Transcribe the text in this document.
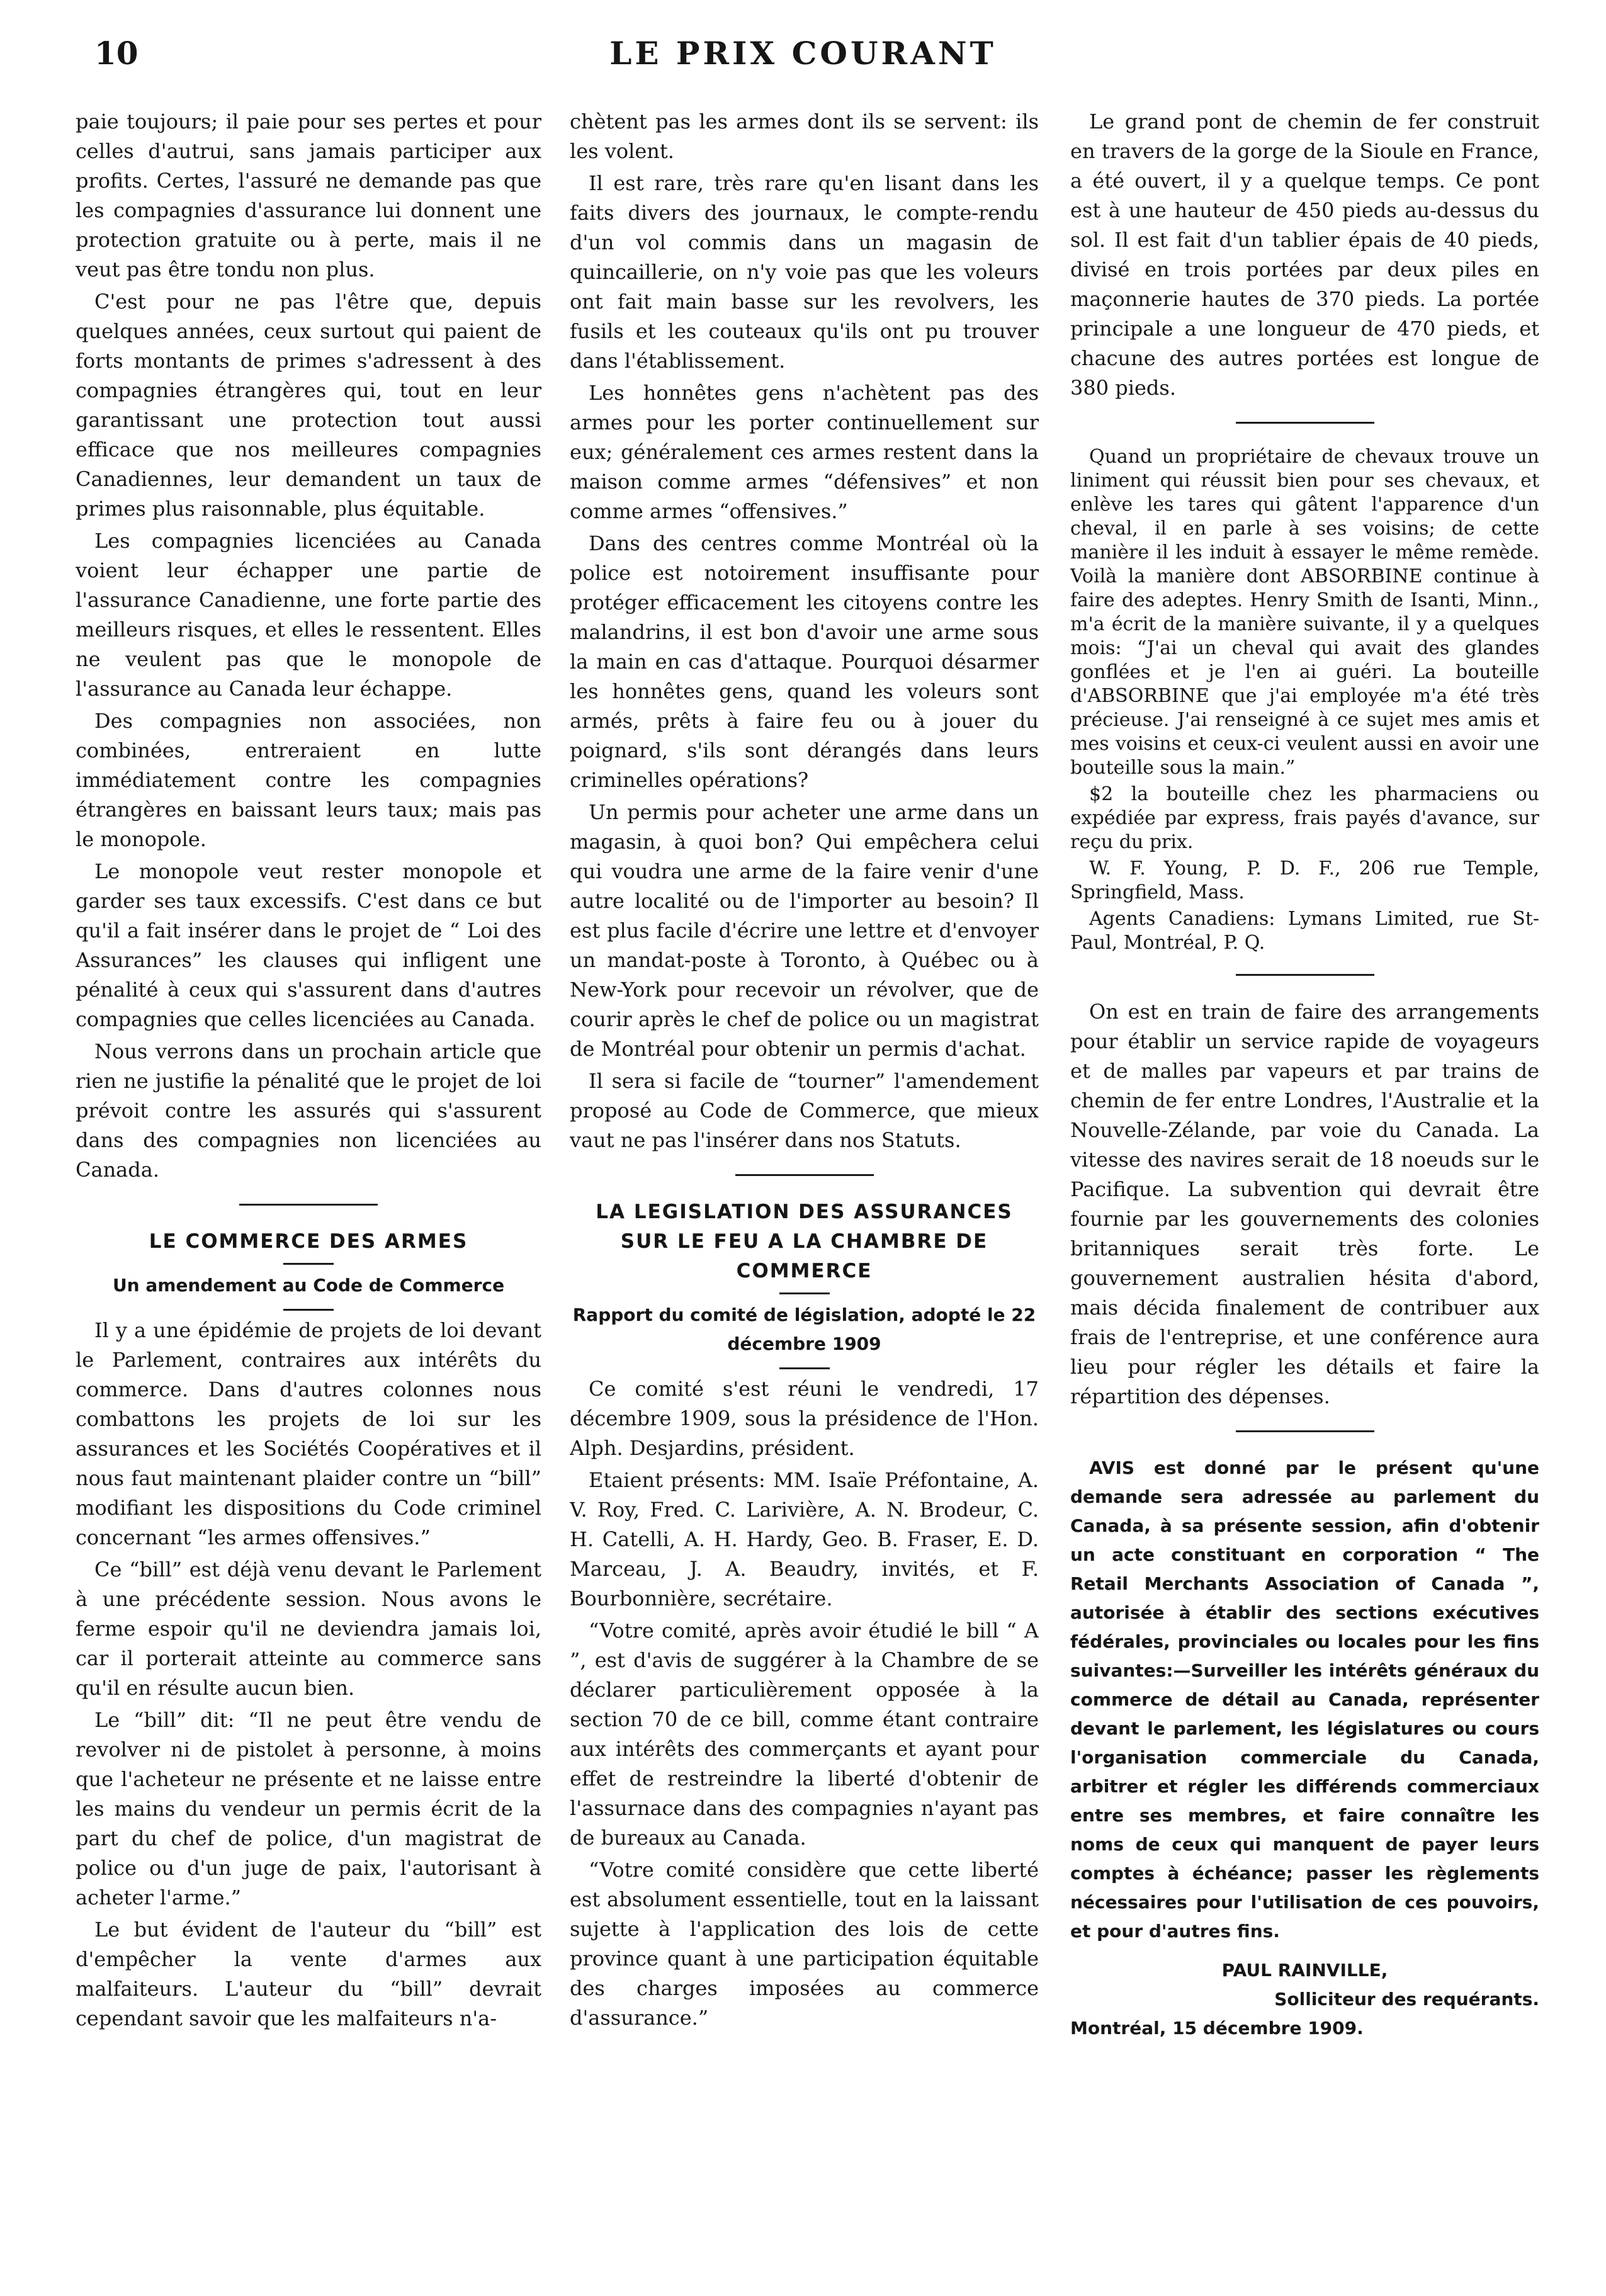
10	LE PRIX COURANT

paie toujours; il paie pour ses pertes et pour celles d'autrui, sans jamais participer aux profits. Certes, l'assuré ne demande pas que les compagnies d'assurance lui donnent une protection gratuite ou à perte, mais il ne veut pas être tondu non plus.

C'est pour ne pas l'être que, depuis quelques années, ceux surtout qui paient de forts montants de primes s'adressent à des compagnies étrangères qui, tout en leur garantissant une protection tout aussi efficace que nos meilleures compagnies Canadiennes, leur demandent un taux de primes plus raisonnable, plus équitable.

Les compagnies licenciées au Canada voient leur échapper une partie de l'assurance Canadienne, une forte partie des meilleurs risques, et elles le ressentent. Elles ne veulent pas que le monopole de l'assurance au Canada leur échappe.

Des compagnies non associées, non combinées, entreraient en lutte immédiatement contre les compagnies étrangères en baissant leurs taux; mais pas le monopole.

Le monopole veut rester monopole et garder ses taux excessifs. C'est dans ce but qu'il a fait insérer dans le projet de “ Loi des Assurances” les clauses qui infligent une pénalité à ceux qui s'assurent dans d'autres compagnies que celles licenciées au Canada.

Nous verrons dans un prochain article que rien ne justifie la pénalité que le projet de loi prévoit contre les assurés qui s'assurent dans des compagnies non licenciées au Canada.

LE COMMERCE DES ARMES
Un amendement au Code de Commerce

Il y a une épidémie de projets de loi devant le Parlement, contraires aux intérêts du commerce. Dans d'autres colonnes nous combattons les projets de loi sur les assurances et les Sociétés Coopératives et il nous faut maintenant plaider contre un “bill” modifiant les dispositions du Code criminel concernant “les armes offensives.”

Ce “bill” est déjà venu devant le Parlement à une précédente session. Nous avons le ferme espoir qu'il ne deviendra jamais loi, car il porterait atteinte au commerce sans qu'il en résulte aucun bien.

Le “bill” dit: “Il ne peut être vendu de revolver ni de pistolet à personne, à moins que l'acheteur ne présente et ne laisse entre les mains du vendeur un permis écrit de la part du chef de police, d'un magistrat de police ou d'un juge de paix, l'autorisant à acheter l'arme.”

Le but évident de l'auteur du “bill” est d'empêcher la vente d'armes aux malfaiteurs. L'auteur du “bill” devrait cependant savoir que les malfaiteurs n'a-

chètent pas les armes dont ils se servent: ils les volent.

Il est rare, très rare qu'en lisant dans les faits divers des journaux, le compte-rendu d'un vol commis dans un magasin de quincaillerie, on n'y voie pas que les voleurs ont fait main basse sur les revolvers, les fusils et les couteaux qu'ils ont pu trouver dans l'établissement.

Les honnêtes gens n'achètent pas des armes pour les porter continuellement sur eux; généralement ces armes restent dans la maison comme armes “défensives” et non comme armes “offensives.”

Dans des centres comme Montréal où la police est notoirement insuffisante pour protéger efficacement les citoyens contre les malandrins, il est bon d'avoir une arme sous la main en cas d'attaque. Pourquoi désarmer les honnêtes gens, quand les voleurs sont armés, prêts à faire feu ou à jouer du poignard, s'ils sont dérangés dans leurs criminelles opérations?

Un permis pour acheter une arme dans un magasin, à quoi bon? Qui empêchera celui qui voudra une arme de la faire venir d'une autre localité ou de l'importer au besoin? Il est plus facile d'écrire une lettre et d'envoyer un mandat-poste à Toronto, à Québec ou à New-York pour recevoir un révolver, que de courir après le chef de police ou un magistrat de Montréal pour obtenir un permis d'achat.

Il sera si facile de “tourner” l'amendement proposé au Code de Commerce, que mieux vaut ne pas l'insérer dans nos Statuts.

LA LEGISLATION DES ASSURANCES SUR LE FEU A LA CHAMBRE DE COMMERCE
Rapport du comité de législation, adopté le 22 décembre 1909

Ce comité s'est réuni le vendredi, 17 décembre 1909, sous la présidence de l'Hon. Alph. Desjardins, président.

Etaient présents: MM. Isaïe Préfontaine, A. V. Roy, Fred. C. Larivière, A. N. Brodeur, C. H. Catelli, A. H. Hardy, Geo. B. Fraser, E. D. Marceau, J. A. Beaudry, invités, et F. Bourbonnière, secrétaire.

“Votre comité, après avoir étudié le bill “ A ”, est d'avis de suggérer à la Chambre de se déclarer particulièrement opposée à la section 70 de ce bill, comme étant contraire aux intérêts des commerçants et ayant pour effet de restreindre la liberté d'obtenir de l'assurnace dans des compagnies n'ayant pas de bureaux au Canada.

“Votre comité considère que cette liberté est absolument essentielle, tout en la laissant sujette à l'application des lois de cette province quant à une participation équitable des charges imposées au commerce d'assurance.”

Le grand pont de chemin de fer construit en travers de la gorge de la Sioule en France, a été ouvert, il y a quelque temps. Ce pont est à une hauteur de 450 pieds au-dessus du sol. Il est fait d'un tablier épais de 40 pieds, divisé en trois portées par deux piles en maçonnerie hautes de 370 pieds. La portée principale a une longueur de 470 pieds, et chacune des autres portées est longue de 380 pieds.

Quand un propriétaire de chevaux trouve un liniment qui réussit bien pour ses chevaux, et enlève les tares qui gâtent l'apparence d'un cheval, il en parle à ses voisins; de cette manière il les induit à essayer le même remède. Voilà la manière dont ABSORBINE continue à faire des adeptes. Henry Smith de Isanti, Minn., m'a écrit de la manière suivante, il y a quelques mois: “J'ai un cheval qui avait des glandes gonflées et je l'en ai guéri. La bouteille d'ABSORBINE que j'ai employée m'a été très précieuse. J'ai renseigné à ce sujet mes amis et mes voisins et ceux-ci veulent aussi en avoir une bouteille sous la main.”

$2 la bouteille chez les pharmaciens ou expédiée par express, frais payés d'avance, sur reçu du prix.

W. F. Young, P. D. F., 206 rue Temple, Springfield, Mass.

Agents Canadiens: Lymans Limited, rue St-Paul, Montréal, P. Q.

On est en train de faire des arrangements pour établir un service rapide de voyageurs et de malles par vapeurs et par trains de chemin de fer entre Londres, l'Australie et la Nouvelle-Zélande, par voie du Canada. La vitesse des navires serait de 18 noeuds sur le Pacifique. La subvention qui devrait être fournie par les gouvernements des colonies britanniques serait très forte. Le gouvernement australien hésita d'abord, mais décida finalement de contribuer aux frais de l'entreprise, et une conférence aura lieu pour régler les détails et faire la répartition des dépenses.

AVIS est donné par le présent qu'une demande sera adressée au parlement du Canada, à sa présente session, afin d'obtenir un acte constituant en corporation “ The Retail Merchants Association of Canada ”, autorisée à établir des sections exécutives fédérales, provinciales ou locales pour les fins suivantes:—Surveiller les intérêts généraux du commerce de détail au Canada, représenter devant le parlement, les législatures ou cours l'organisation commerciale du Canada, arbitrer et régler les différends commerciaux entre ses membres, et faire connaître les noms de ceux qui manquent de payer leurs comptes à échéance; passer les règlements nécessaires pour l'utilisation de ces pouvoirs, et pour d'autres fins.

PAUL RAINVILLE,
Solliciteur des requérants.
Montréal, 15 décembre 1909.
